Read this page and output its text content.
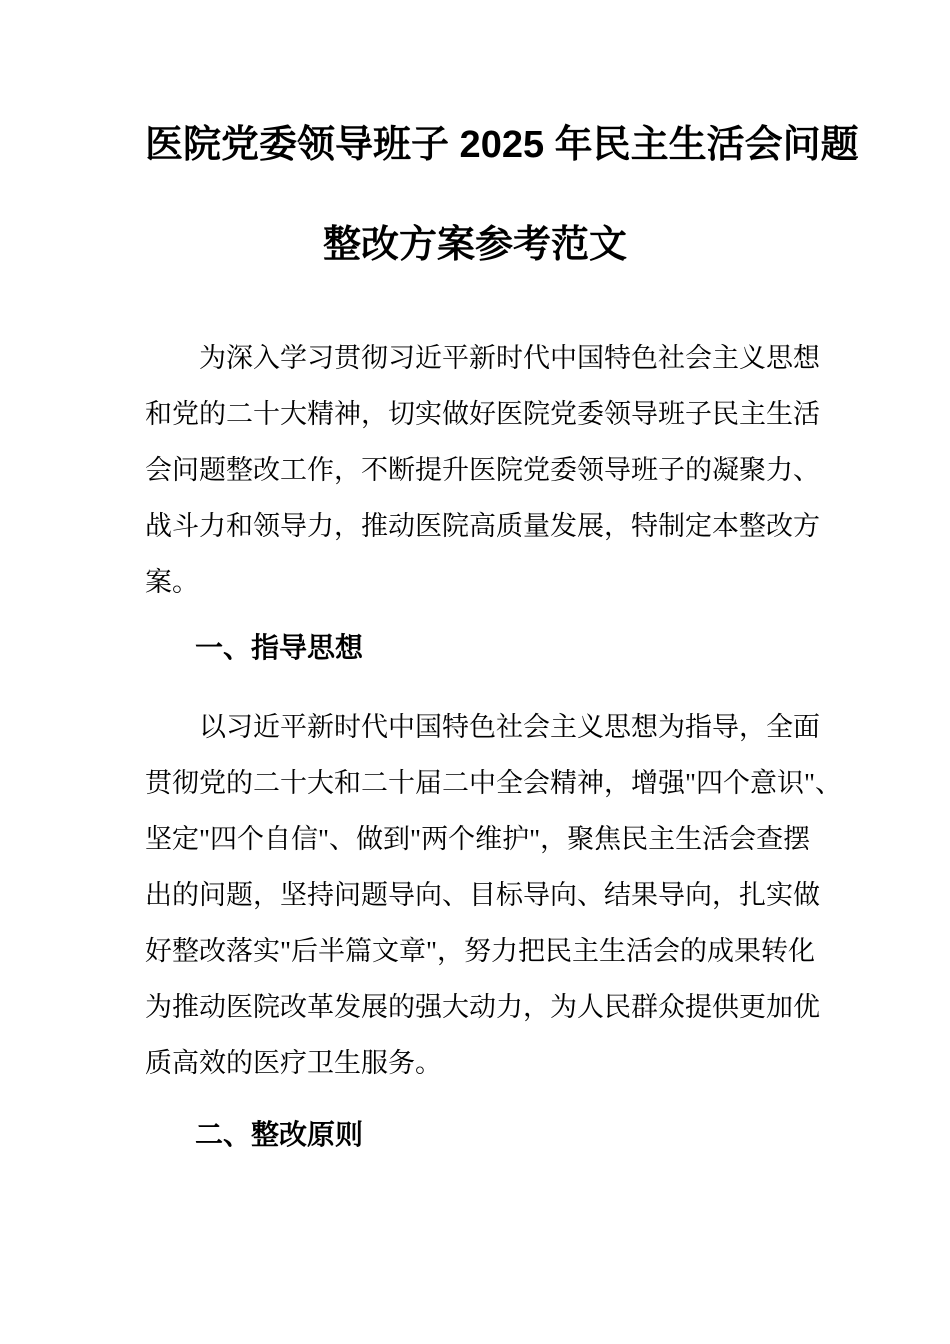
医院党委领导班子 2025 年民主生活会问题
整改方案参考范文
为深入学习贯彻习近平新时代中国特色社会主义思想
和党的二十大精神，切实做好医院党委领导班子民主生活
会问题整改工作，不断提升医院党委领导班子的凝聚力、
战斗力和领导力，推动医院高质量发展，特制定本整改方
案。
一、指导思想
以习近平新时代中国特色社会主义思想为指导，全面
贯彻党的二十大和二十届二中全会精神，增强"四个意识"、
坚定"四个自信"、做到"两个维护"，聚焦民主生活会查摆
出的问题，坚持问题导向、目标导向、结果导向，扎实做
好整改落实"后半篇文章"，努力把民主生活会的成果转化
为推动医院改革发展的强大动力，为人民群众提供更加优
质高效的医疗卫生服务。
二、整改原则
